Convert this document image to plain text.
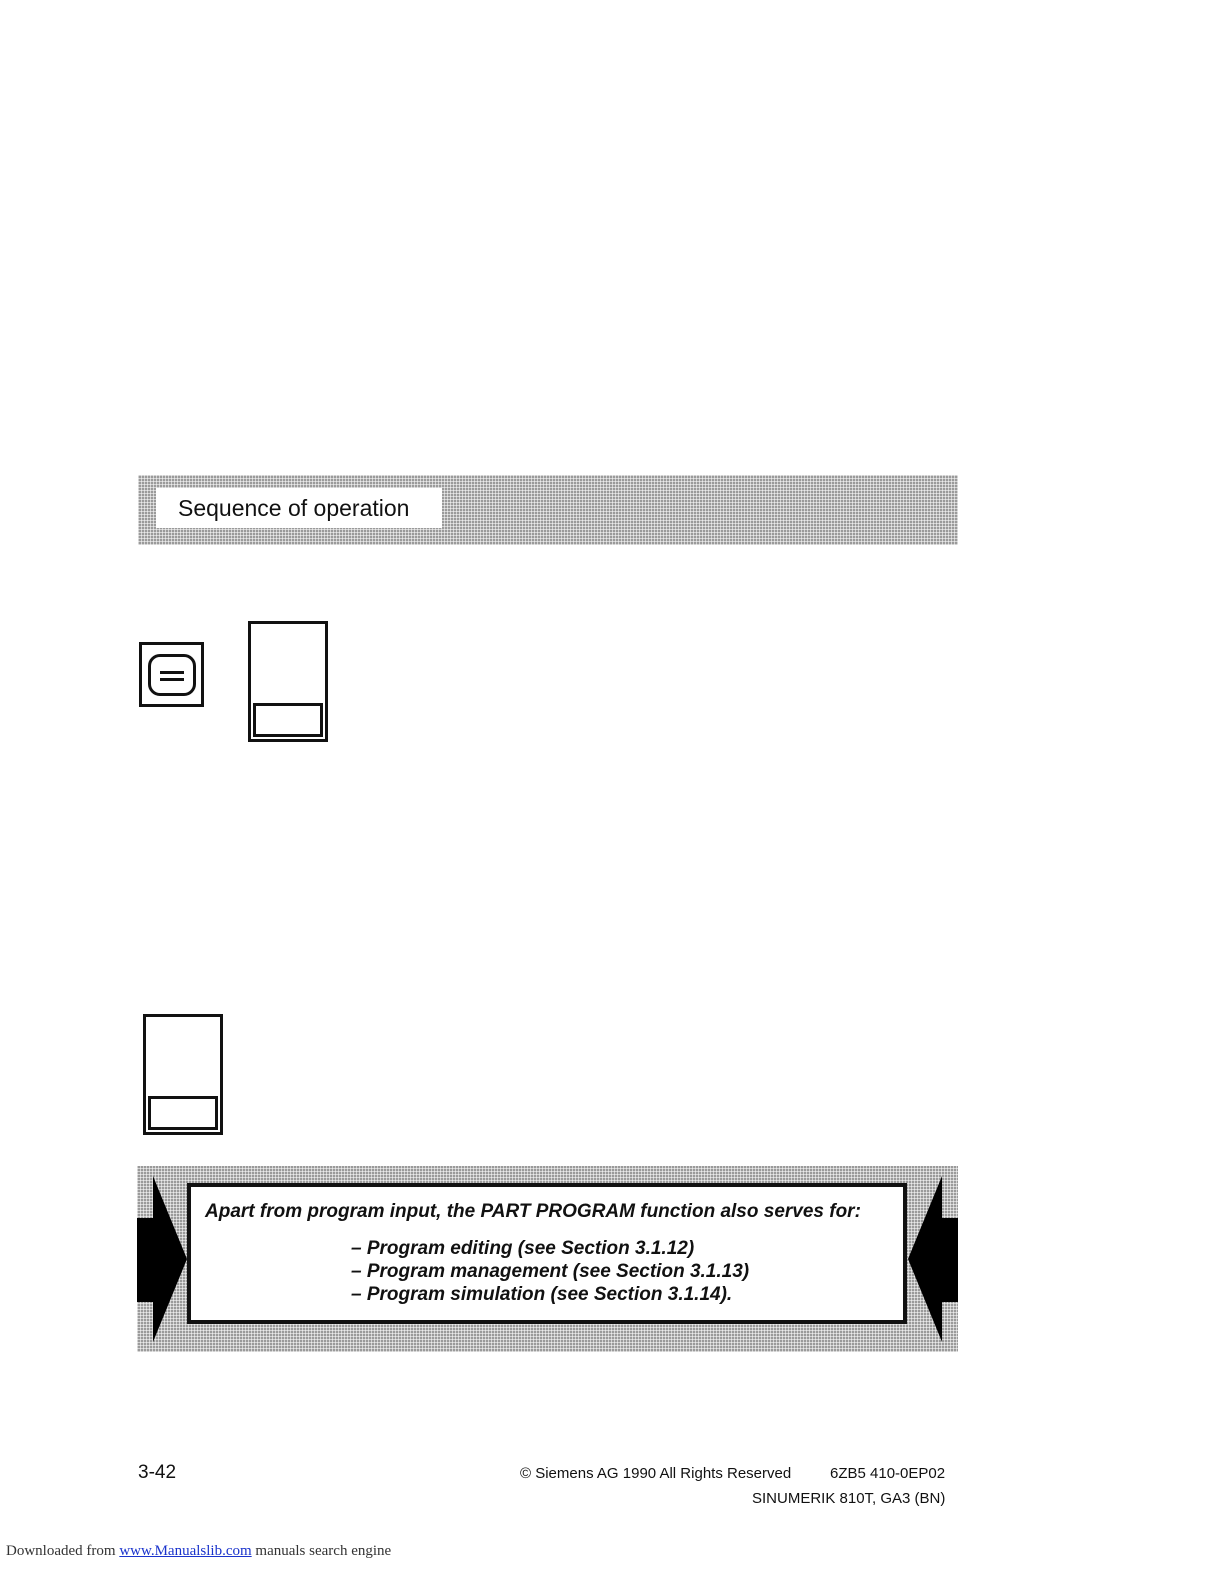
Sequence of operation
Apart from program input, the PART PROGRAM function also serves for:
– Program editing (see Section 3.1.12)
– Program management (see Section 3.1.13)
– Program simulation (see Section 3.1.14).
3-42	© Siemens AG 1990 All Rights Reserved	6ZB5 410-0EP02
SINUMERIK 810T, GA3 (BN)
Downloaded from www.Manualslib.com manuals search engine
